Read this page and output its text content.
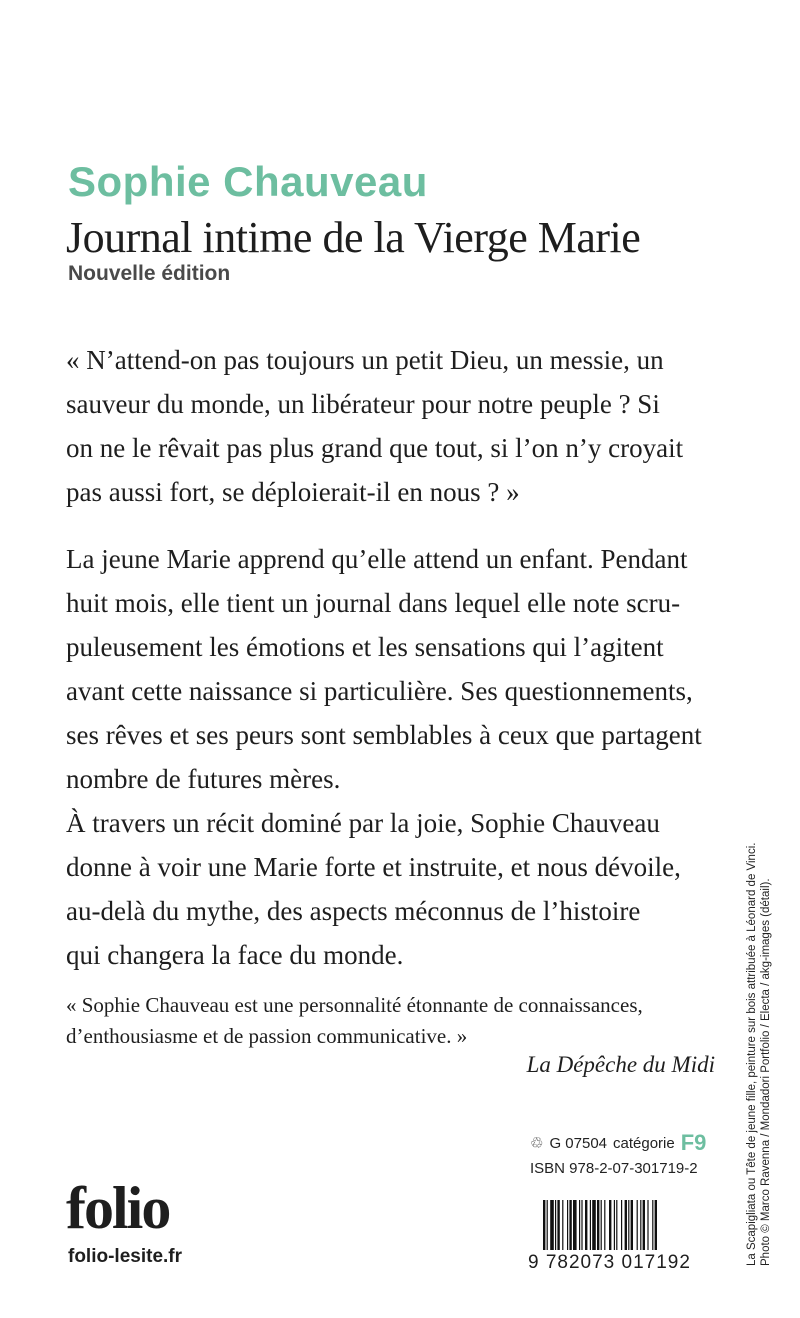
Sophie Chauveau
Journal intime de la Vierge Marie
Nouvelle édition

« N’attend-on pas toujours un petit Dieu, un messie, un
sauveur du monde, un libérateur pour notre peuple ? Si
on ne le rêvait pas plus grand que tout, si l’on n’y croyait
pas aussi fort, se déploierait-il en nous ? »

La jeune Marie apprend qu’elle attend un enfant. Pendant
huit mois, elle tient un journal dans lequel elle note scru-
puleusement les émotions et les sensations qui l’agitent
avant cette naissance si particulière. Ses questionnements,
ses rêves et ses peurs sont semblables à ceux que partagent
nombre de futures mères.
À travers un récit dominé par la joie, Sophie Chauveau
donne à voir une Marie forte et instruite, et nous dévoile,
au-delà du mythe, des aspects méconnus de l’histoire
qui changera la face du monde.

« Sophie Chauveau est une personnalité étonnante de connaissances,
d’enthousiasme et de passion communicative. »
La Dépêche du Midi
folio
folio-lesite.fr
♲ G 07504 catégorie F9
ISBN 978-2-07-301719-2
9 782073 017192	La Scapigliata ou Tête de jeune fille, peinture sur bois attribuée à Léonard de Vinci. Photo © Marco Ravenna / Mondadori Portfolio / Electa / akg-images (détail).
